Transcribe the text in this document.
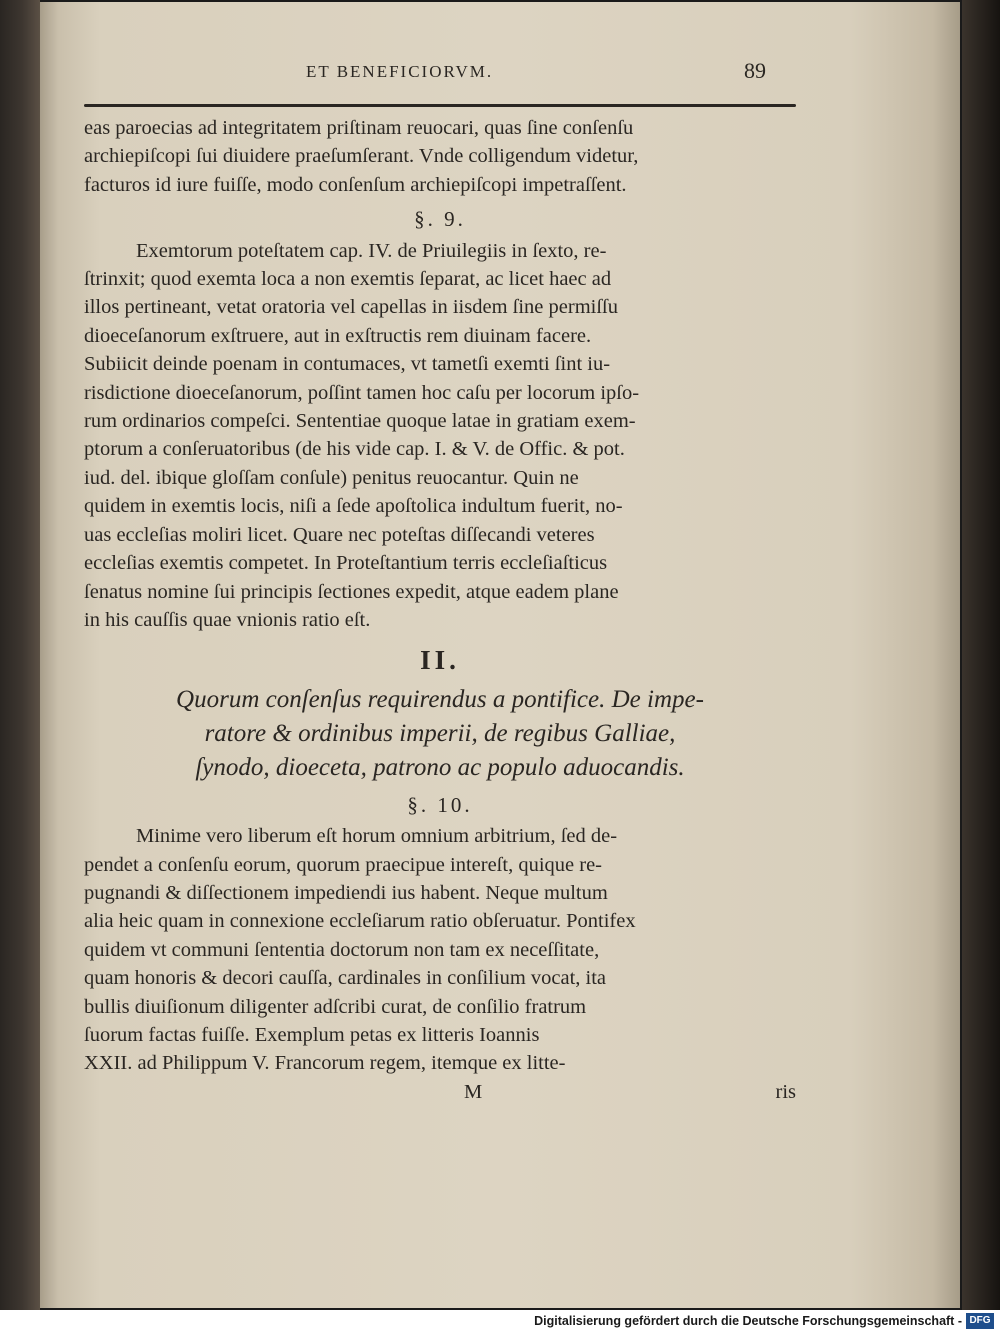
ET BENEFICIORVM.	89
eas paroecias ad integritatem priſtinam reuocari, quas ſine conſenſu
archiepiſcopi ſui diuidere praeſumſerant. Vnde colligendum videtur,
facturos id iure fuiſſe, modo conſenſum archiepiſcopi impetraſſent.
§. 9.
Exemtorum poteſtatem cap. IV. de Priuilegiis in ſexto, re-
ſtrinxit; quod exemta loca a non exemtis ſeparat, ac licet haec ad
illos pertineant, vetat oratoria vel capellas in iisdem ſine permiſſu
dioeceſanorum exſtruere, aut in exſtructis rem diuinam facere.
Subiicit deinde poenam in contumaces, vt tametſi exemti ſint iu-
risdictione dioeceſanorum, poſſint tamen hoc caſu per locorum ipſo-
rum ordinarios compeſci. Sententiae quoque latae in gratiam exem-
ptorum a conſeruatoribus (de his vide cap. I. & V. de Offic. & pot.
iud. del. ibique gloſſam conſule) penitus reuocantur. Quin ne
quidem in exemtis locis, niſi a ſede apoſtolica indultum fuerit, no-
uas eccleſias moliri licet. Quare nec poteſtas diſſecandi veteres
eccleſias exemtis competet. In Proteſtantium terris eccleſiaſticus
ſenatus nomine ſui principis ſectiones expedit, atque eadem plane
in his cauſſis quae vnionis ratio eſt.
II.
Quorum conſenſus requirendus a pontifice. De impe-
ratore & ordinibus imperii, de regibus Galliae,
ſynodo, dioeceta, patrono ac populo aduocandis.
§. 10.
Minime vero liberum eſt horum omnium arbitrium, ſed de-
pendet a conſenſu eorum, quorum praecipue intereſt, quique re-
pugnandi & diſſectionem impediendi ius habent. Neque multum
alia heic quam in connexione eccleſiarum ratio obſeruatur. Pontifex
quidem vt communi ſententia doctorum non tam ex neceſſitate,
quam honoris & decori cauſſa, cardinales in conſilium vocat, ita
bullis diuiſionum diligenter adſcribi curat, de conſilio fratrum
ſuorum factas fuiſſe. Exemplum petas ex litteris Ioannis
XXII. ad Philippum V. Francorum regem, itemque ex litte-
M	ris
Digitalisierung gefördert durch die Deutsche Forschungsgemeinschaft - DFG
